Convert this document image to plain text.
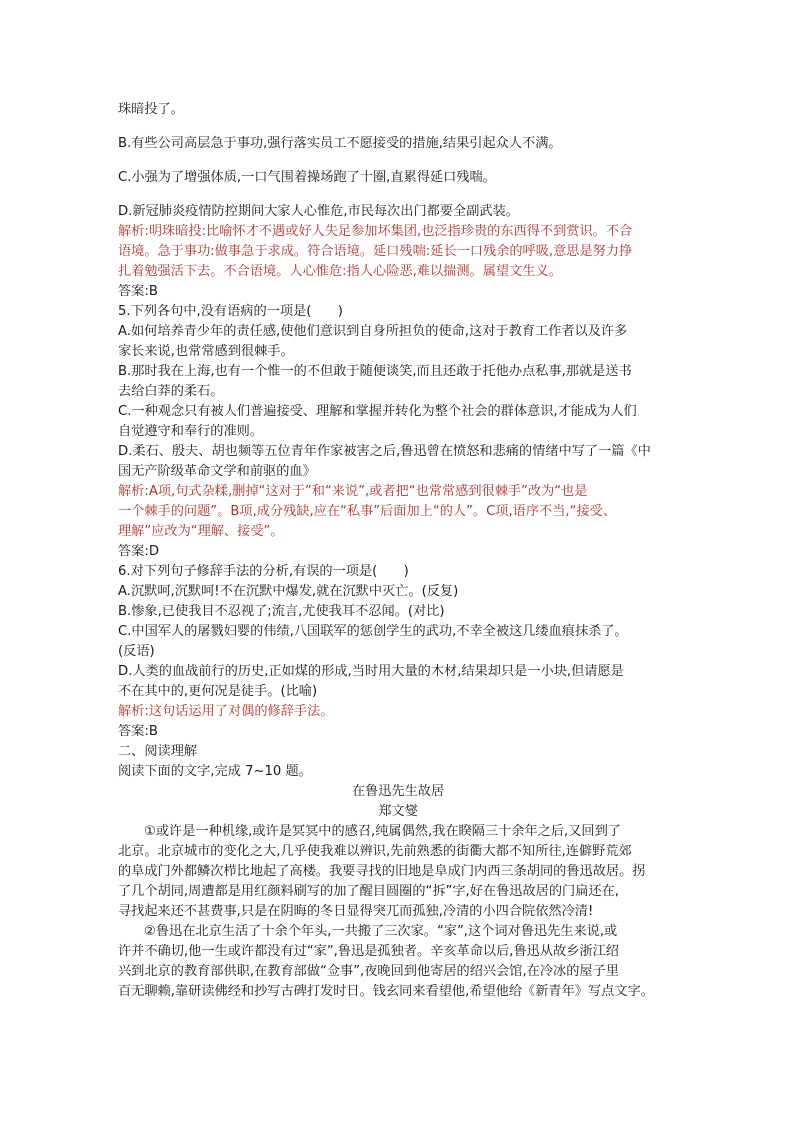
珠暗投了。

B.有些公司高层急于事功,强行落实员工不愿接受的措施,结果引起众人不满。

C.小强为了增强体质,一口气围着操场跑了十圈,直累得延口残喘。

D.新冠肺炎疫情防控期间大家人心惟危,市民每次出门都要全副武装。

解析:明珠暗投:比喻怀才不遇或好人失足参加坏集团,也泛指珍贵的东西得不到赏识。不合

语境。急于事功:做事急于求成。符合语境。延口残喘:延长一口残余的呼吸,意思是努力挣

扎着勉强活下去。不合语境。人心惟危:指人心险恶,难以揣测。属望文生义。

答案:B

5.下列各句中,没有语病的一项是(　　)

A.如何培养青少年的责任感,使他们意识到自身所担负的使命,这对于教育工作者以及许多

家长来说,也常常感到很棘手。

B.那时我在上海,也有一个惟一的不但敢于随便谈笑,而且还敢于托他办点私事,那就是送书

去给白莽的柔石。

C.一种观念只有被人们普遍接受、理解和掌握并转化为整个社会的群体意识,才能成为人们

自觉遵守和奉行的准则。

D.柔石、殷夫、胡也频等五位青年作家被害之后,鲁迅曾在愤怒和悲痛的情绪中写了一篇《中

国无产阶级革命文学和前驱的血》

解析:A项,句式杂糅,删掉“这对于”和“来说”,或者把“也常常感到很棘手”改为“也是

一个棘手的问题”。B项,成分残缺,应在“私事”后面加上“的人”。C项,语序不当,“接受、

理解”应改为“理解、接受”。

答案:D

6.对下列句子修辞手法的分析,有误的一项是(　　)

A.沉默呵,沉默呵!不在沉默中爆发,就在沉默中灭亡。(反复)

B.惨象,已使我目不忍视了;流言,尤使我耳不忍闻。(对比)

C.中国军人的屠戮妇婴的伟绩,八国联军的惩创学生的武功,不幸全被这几缕血痕抹杀了。

(反语)

D.人类的血战前行的历史,正如煤的形成,当时用大量的木材,结果却只是一小块,但请愿是

不在其中的,更何况是徒手。(比喻)

解析:这句话运用了对偶的修辞手法。

答案:B

二、阅读理解

阅读下面的文字,完成 7~10 题。

在鲁迅先生故居

郑文燮

①或许是一种机缘,或许是冥冥中的感召,纯属偶然,我在睽隔三十余年之后,又回到了

北京。北京城市的变化之大,几乎使我难以辨识,先前熟悉的街衢大都不知所往,连僻野荒郊

的阜成门外都鳞次栉比地起了高楼。我要寻找的旧地是阜成门内西三条胡同的鲁迅故居。拐

了几个胡同,周遭都是用红颜料刷写的加了醒目圆圈的“拆”字,好在鲁迅故居的门扁还在,

寻找起来还不甚费事,只是在阴晦的冬日显得突兀而孤独,冷清的小四合院依然冷清!

②鲁迅在北京生活了十余个年头,一共搬了三次家。“家”,这个词对鲁迅先生来说,或

许并不确切,他一生或许都没有过“家”,鲁迅是孤独者。辛亥革命以后,鲁迅从故乡浙江绍

兴到北京的教育部供职,在教育部做“佥事”,夜晚回到他寄居的绍兴会馆,在冷冰的屋子里

百无聊赖,靠研读佛经和抄写古碑打发时日。钱玄同来看望他,希望他给《新青年》写点文字。
